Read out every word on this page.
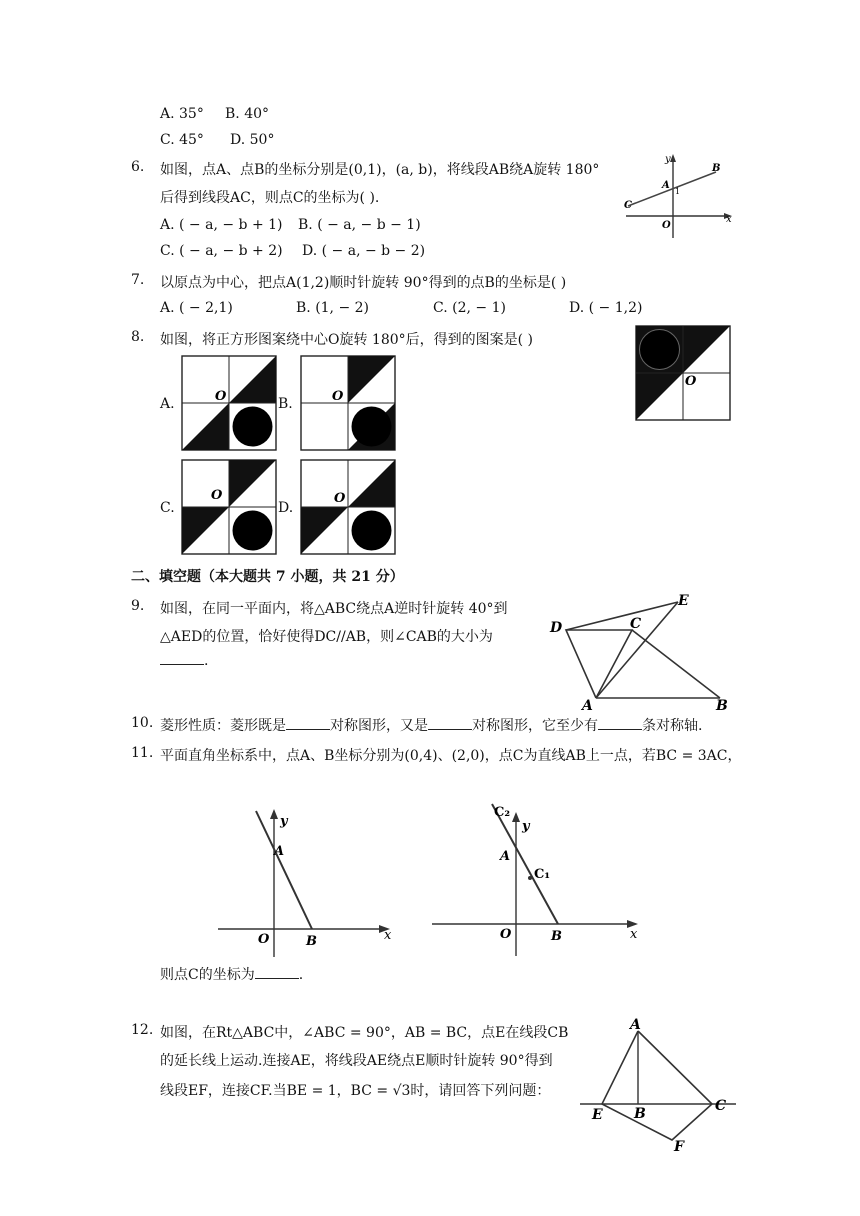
A. 35° B. 40°
C. 45° D. 50°
6. 如图，点A、点B的坐标分别是(0,1)，(a, b)，将线段AB绕A旋转 180°
后得到线段AC，则点C的坐标为( ).
A. ( − a, − b + 1) B. ( − a, − b − 1)
C. ( − a, − b + 2) D. ( − a, − b − 2)
y
x
B
A
C
O
1
7. 以原点为中心，把点A(1,2)顺时针旋转 90°得到的点B的坐标是( )
A. ( − 2,1)	B. (1, − 2)	C. (2, − 1)	D. ( − 1,2)
8. 如图，将正方形图案绕中心O旋转 180°后，得到的图案是( )
O
A.	O	B.	O
C.
O
D.
O
二、填空题（本大题共 7 小题，共 21 分）
9. 如图，在同一平面内，将△ABC绕点A逆时针旋转 40°到
△AED的位置，恰好使得DC//AB，则∠CAB的大小为
.
D	C
E
A	B
10. 菱形性质：菱形既是	对称图形，又是	对称图形，它至少有	条对称轴.
11. 平面直角坐标系中，点A、B坐标分别为(0,4)、(2,0)，点C为直线AB上一点，若BC = 3AC，
y
A
O	B	x
C₂
y
A
C₁
O	B	x
则点C的坐标为	.
12. 如图，在Rt△ABC中，∠ABC = 90°，AB = BC，点E在线段CB
的延长线上运动.连接AE，将线段AE绕点E顺时针旋转 90°得到
线段EF，连接CF.当BE = 1，BC = √3时，请回答下列问题：
A
E B	C
F
